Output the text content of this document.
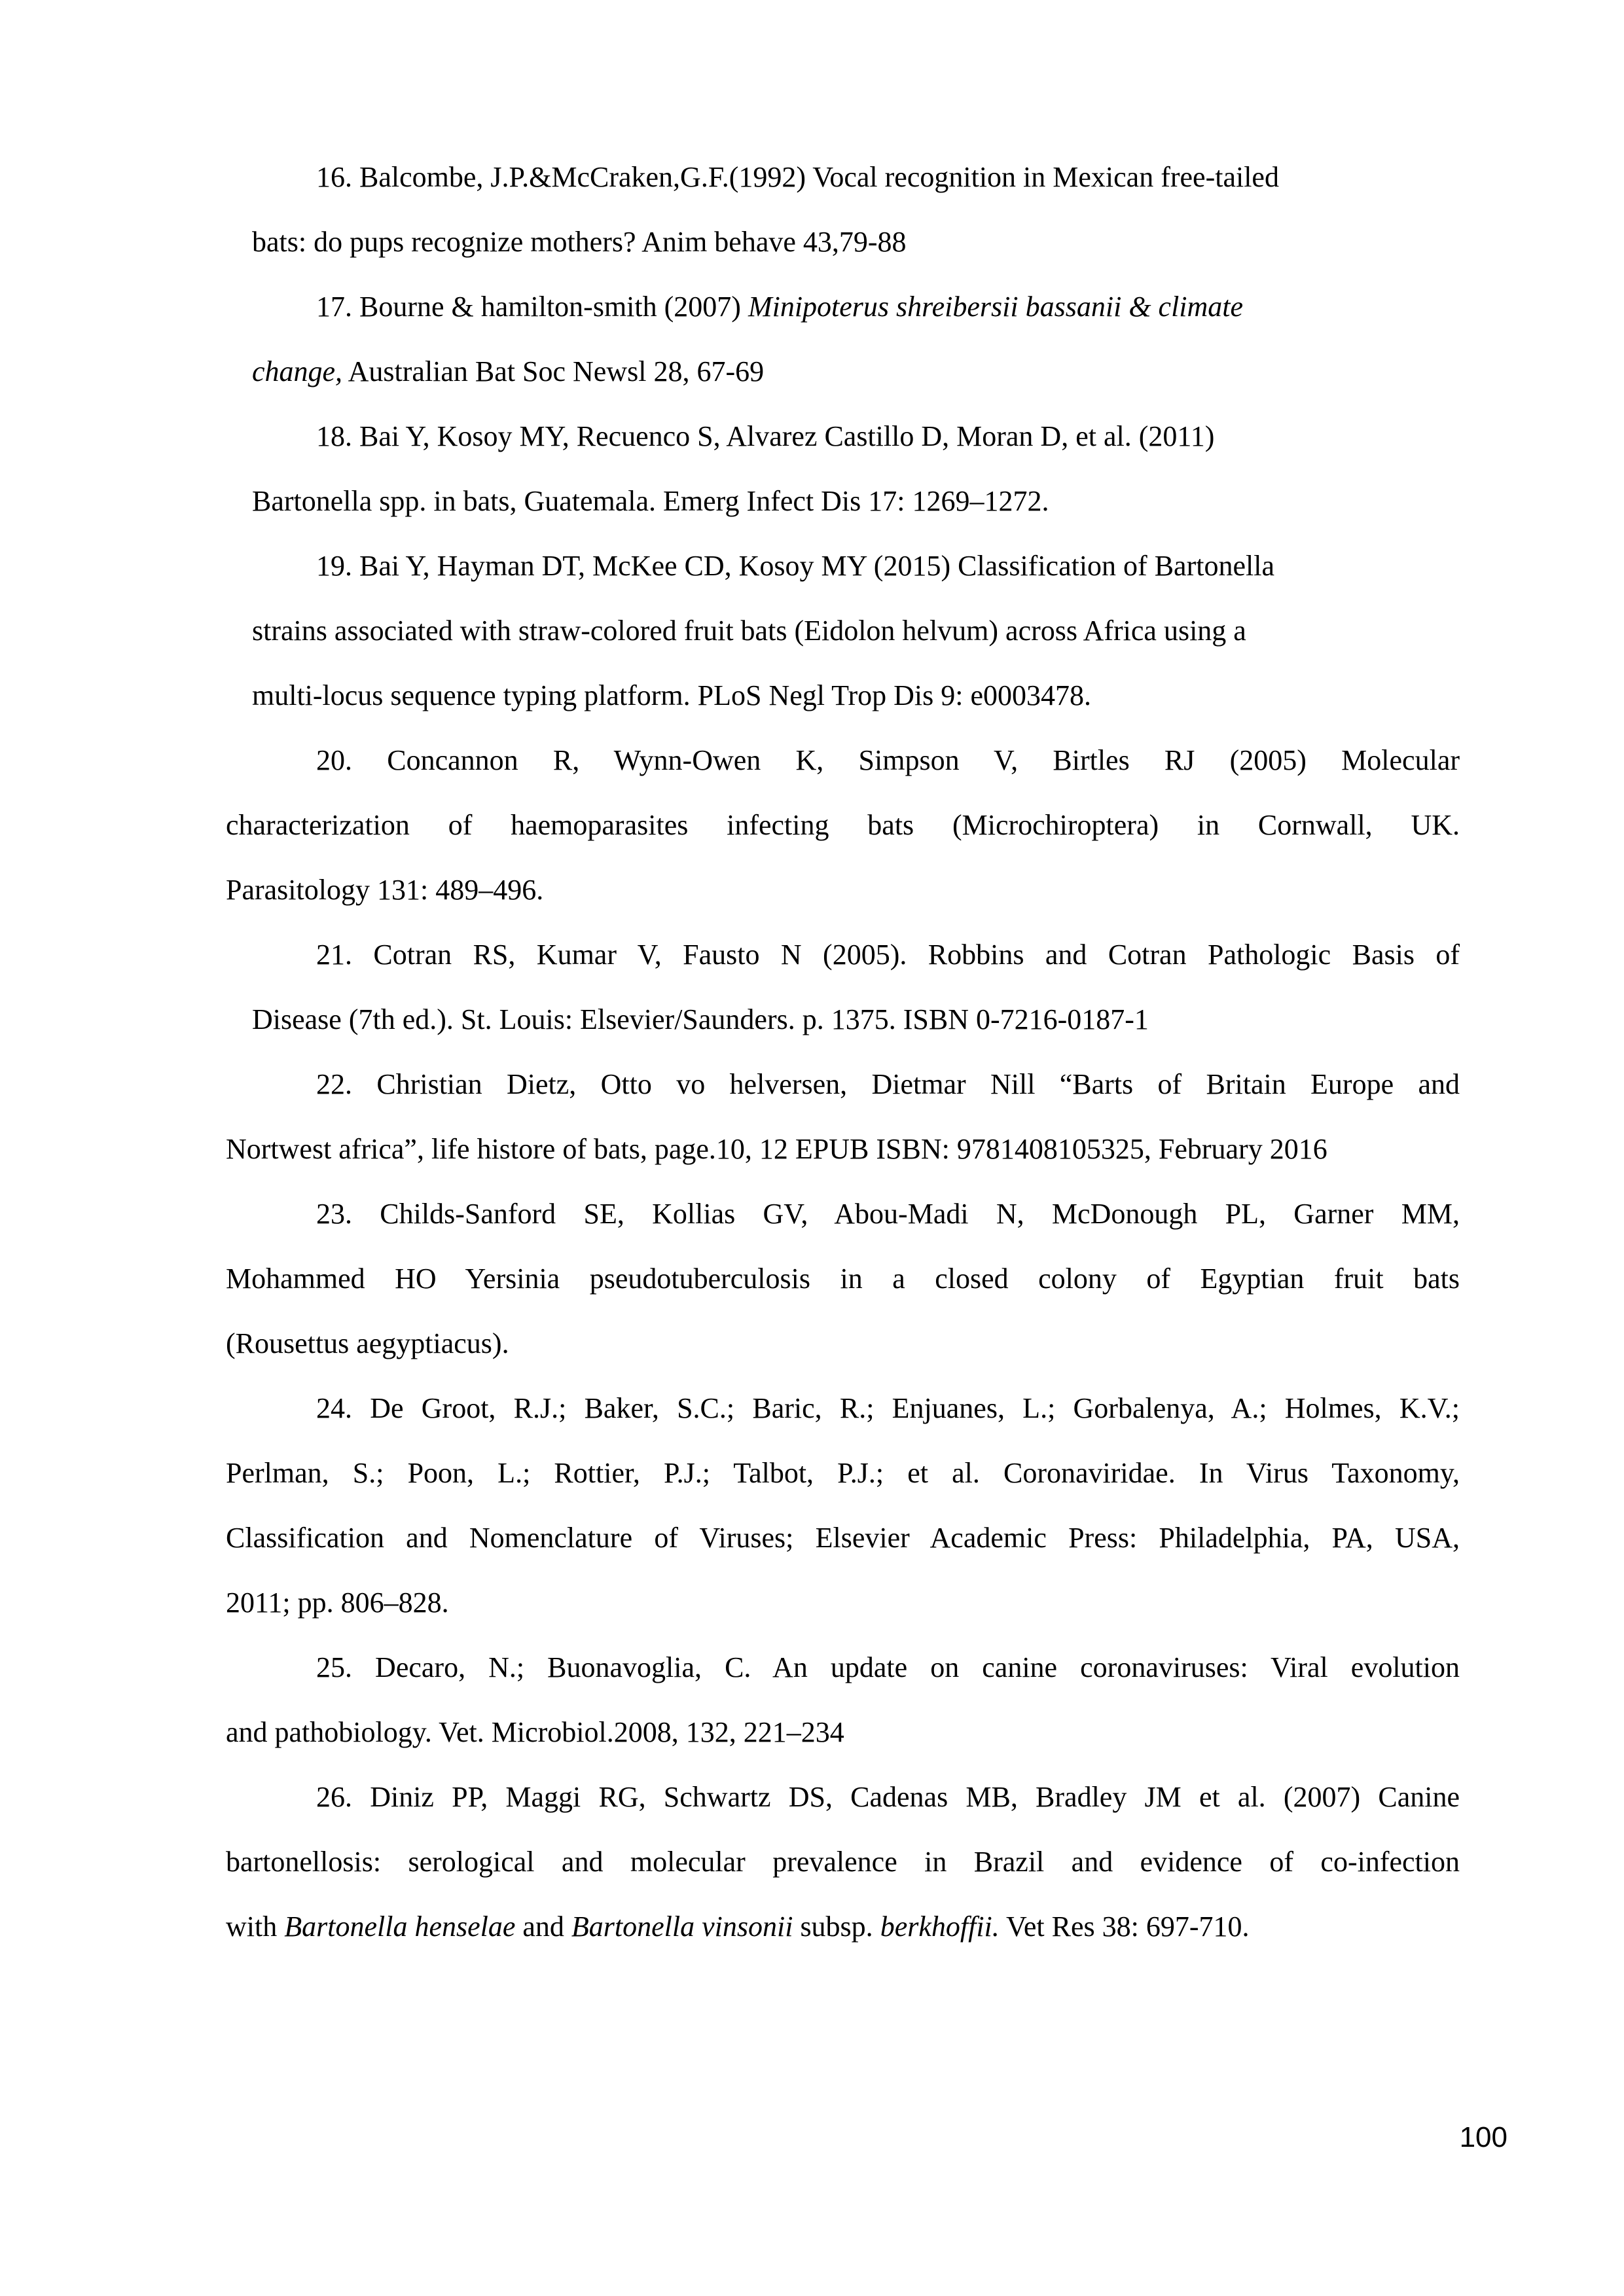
16. Balcombe, J.P.&McCraken,G.F.(1992) Vocal recognition in Mexican free-tailed
bats: do pups recognize mothers? Anim behave 43,79-88
17. Bourne & hamilton-smith (2007) Minipoterus shreibersii bassanii & climate
change, Australian Bat Soc Newsl 28, 67-69
18. Bai Y, Kosoy MY, Recuenco S, Alvarez Castillo D, Moran D, et al. (2011)
Bartonella spp. in bats, Guatemala. Emerg Infect Dis 17: 1269–1272.
19. Bai Y, Hayman DT, McKee CD, Kosoy MY (2015) Classification of Bartonella
strains associated with straw-colored fruit bats (Eidolon helvum) across Africa using a
multi-locus sequence typing platform. PLoS Negl Trop Dis 9: e0003478.
20. Concannon R, Wynn-Owen K, Simpson V, Birtles RJ (2005) Molecular
characterization of haemoparasites infecting bats (Microchiroptera) in Cornwall, UK.
Parasitology 131: 489–496.
21. Cotran RS, Kumar V, Fausto N (2005). Robbins and Cotran Pathologic Basis of
Disease (7th ed.). St. Louis: Elsevier/Saunders. p. 1375. ISBN 0-7216-0187-1
22. Christian Dietz, Otto vo helversen, Dietmar Nill “Barts of Britain Europe and
Nortwest africa”, life histore of bats, page.10, 12 EPUB ISBN: 9781408105325, February 2016
23. Childs-Sanford SE, Kollias GV, Abou-Madi N, McDonough PL, Garner MM,
Mohammed HO Yersinia pseudotuberculosis in a closed colony of Egyptian fruit bats
(Rousettus aegyptiacus).
24. De Groot, R.J.; Baker, S.C.; Baric, R.; Enjuanes, L.; Gorbalenya, A.; Holmes, K.V.;
Perlman, S.; Poon, L.; Rottier, P.J.; Talbot, P.J.; et al. Coronaviridae. In Virus Taxonomy,
Classification and Nomenclature of Viruses; Elsevier Academic Press: Philadelphia, PA, USA,
2011; pp. 806–828.
25. Decaro, N.; Buonavoglia, C. An update on canine coronaviruses: Viral evolution
and pathobiology. Vet. Microbiol.2008, 132, 221–234
26. Diniz PP, Maggi RG, Schwartz DS, Cadenas MB, Bradley JM et al. (2007) Canine
bartonellosis: serological and molecular prevalence in Brazil and evidence of co-infection
with Bartonella henselae and Bartonella vinsonii subsp. berkhoffii. Vet Res 38: 697-710.
100
